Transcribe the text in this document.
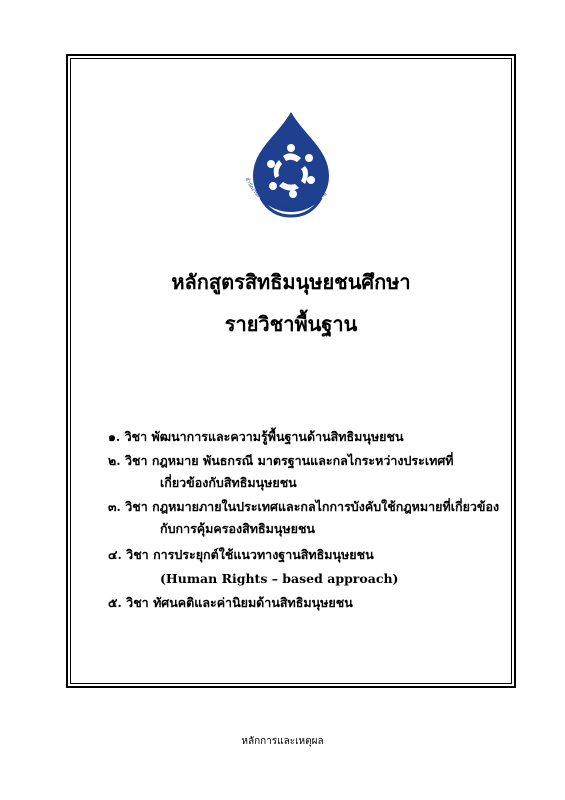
สำนักงานคณะกรรมการสิทธิมนุษยชนแห่งชาติ
หลักสูตรสิทธิมนุษยชนศึกษา
รายวิชาพื้นฐาน
๑. วิชา พัฒนาการและความรู้พื้นฐานด้านสิทธิมนุษยชน
๒. วิชา กฎหมาย พันธกรณี มาตรฐานและกลไกระหว่างประเทศที่
เกี่ยวข้องกับสิทธิมนุษยชน
๓. วิชา กฎหมายภายในประเทศและกลไกการบังคับใช้กฎหมายที่เกี่ยวข้อง
กับการคุ้มครองสิทธิมนุษยชน
๔. วิชา การประยุกต์ใช้แนวทางฐานสิทธิมนุษยชน
(Human Rights – based approach)
๕. วิชา ทัศนคติและค่านิยมด้านสิทธิมนุษยชน
หลักการและเหตุผล
